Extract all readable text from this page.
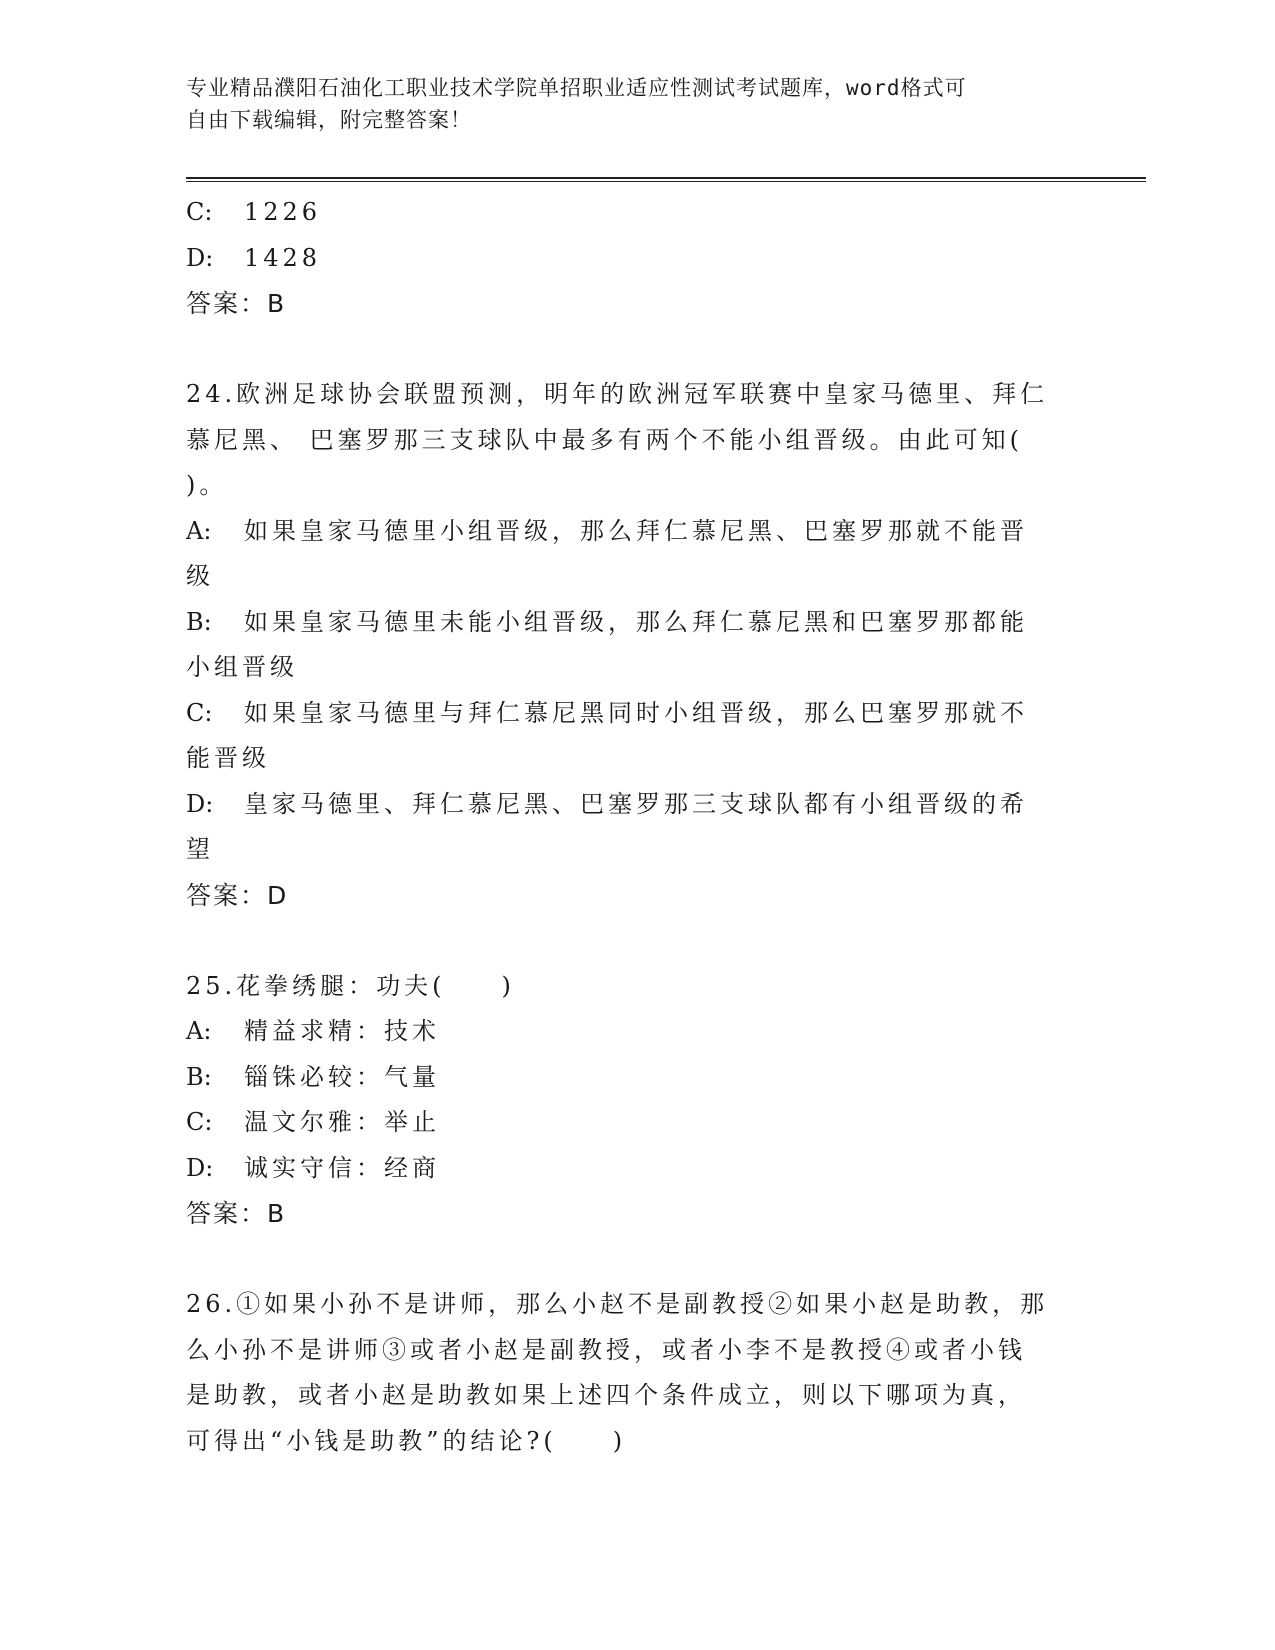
专业精品濮阳石油化工职业技术学院单招职业适应性测试考试题库，word格式可
自由下载编辑，附完整答案！
C: 1226
D: 1428
答案：B
24.欧洲足球协会联盟预测，明年的欧洲冠军联赛中皇家马德里、拜仁
慕尼黑、 巴塞罗那三支球队中最多有两个不能小组晋级。由此可知(
)。
A: 如果皇家马德里小组晋级，那么拜仁慕尼黑、巴塞罗那就不能晋
级
B: 如果皇家马德里未能小组晋级，那么拜仁慕尼黑和巴塞罗那都能
小组晋级
C: 如果皇家马德里与拜仁慕尼黑同时小组晋级，那么巴塞罗那就不
能晋级
D: 皇家马德里、拜仁慕尼黑、巴塞罗那三支球队都有小组晋级的希
望
答案：D
25.花拳绣腿：功夫(　　)
A: 精益求精：技术
B: 锱铢必较：气量
C: 温文尔雅：举止
D: 诚实守信：经商
答案：B
26.①如果小孙不是讲师，那么小赵不是副教授②如果小赵是助教，那
么小孙不是讲师③或者小赵是副教授，或者小李不是教授④或者小钱
是助教，或者小赵是助教如果上述四个条件成立，则以下哪项为真，
可得出“小钱是助教”的结论?(　　)
